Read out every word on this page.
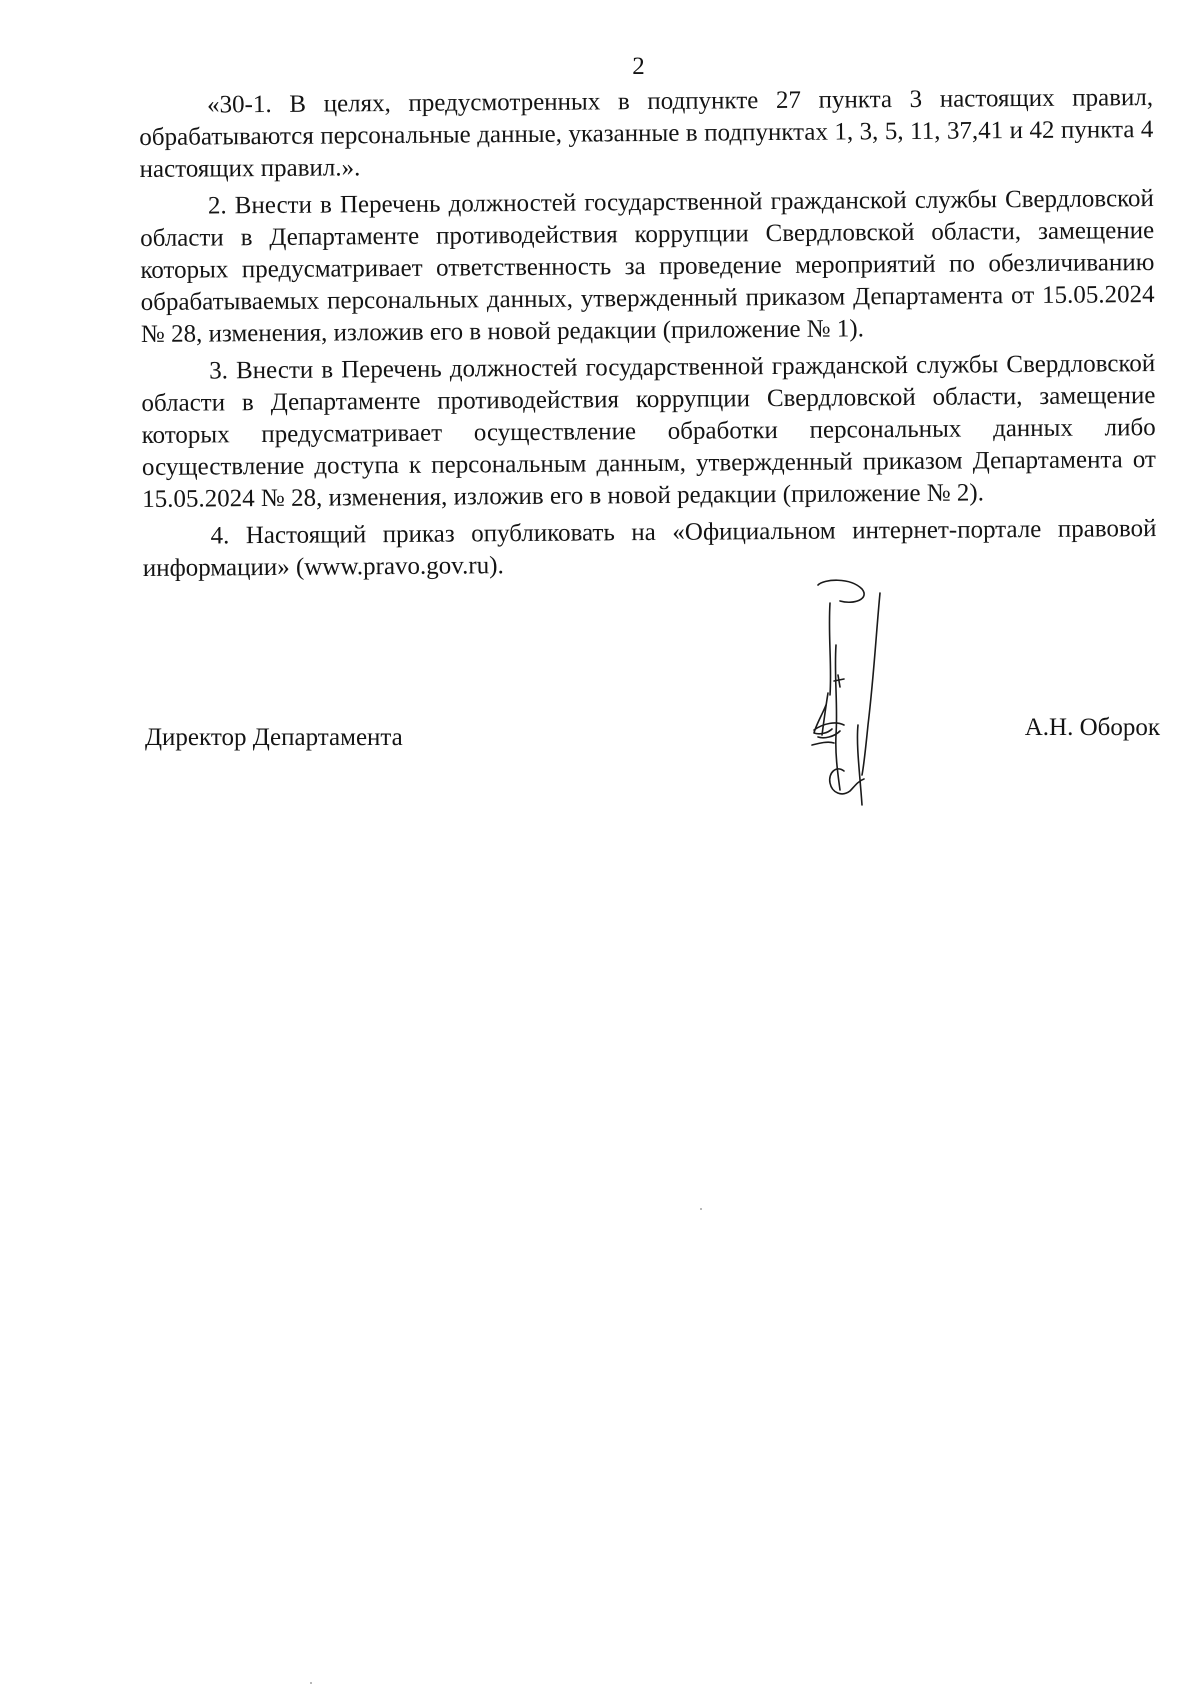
2

«30-1. В целях, предусмотренных в подпункте 27 пункта 3 настоящих правил, обрабатываются персональные данные, указанные в подпунктах 1, 3, 5, 11, 37,41 и 42 пункта 4 настоящих правил.».

2. Внести в Перечень должностей государственной гражданской службы Свердловской области в Департаменте противодействия коррупции Свердловской области, замещение которых предусматривает ответственность за проведение мероприятий по обезличиванию обрабатываемых персональных данных, утвержденный приказом Департамента от 15.05.2024 № 28, изменения, изложив его в новой редакции (приложение № 1).

3. Внести в Перечень должностей государственной гражданской службы Свердловской области в Департаменте противодействия коррупции Свердловской области, замещение которых предусматривает осуществление обработки персональных данных либо осуществление доступа к персональным данным, утвержденный приказом Департамента от 15.05.2024 № 28, изменения, изложив его в новой редакции (приложение № 2).

4. Настоящий приказ опубликовать на «Официальном интернет-портале правовой информации» (www.pravo.gov.ru).

Директор Департамента	А.Н. Оборок
